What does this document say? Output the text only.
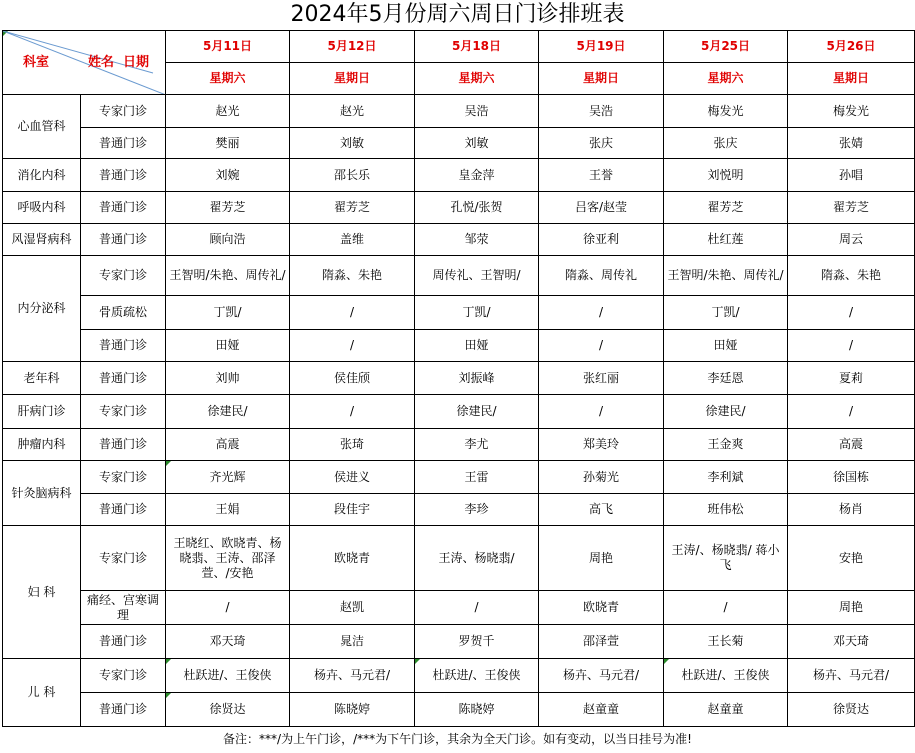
2024年5月份周六周日门诊排班表
科室 姓名 日期		5月11日	5月12日	5月18日	5月19日	5月25日	5月26日
		星期六	星期日	星期六	星期日	星期六	星期日
心血管科	专家门诊	赵光	赵光	吴浩	吴浩	梅发光	梅发光
	普通门诊	樊丽	刘敏	刘敏	张庆	张庆	张婧
消化内科	普通门诊	刘婉	邵长乐	皇金萍	王誉	刘悦明	孙唱
呼吸内科	普通门诊	翟芳芝	翟芳芝	孔悦/张贺	吕客/赵莹	翟芳芝	翟芳芝
风湿肾病科	普通门诊	顾向浩	盖维	邹荥	徐亚利	杜红莲	周云
内分泌科	专家门诊	王智明/朱艳、周传礼/	隋淼、朱艳	周传礼、王智明/	隋淼、周传礼	王智明/朱艳、周传礼/	隋淼、朱艳
	骨质疏松	丁凯/	/	丁凯/	/	丁凯/	/
	普通门诊	田娅	/	田娅	/	田娅	/
老年科	普通门诊	刘帅	侯佳颀	刘振峰	张红丽	李廷恩	夏莉
肝病门诊	专家门诊	徐建民/	/	徐建民/	/	徐建民/	/
肿瘤内科	普通门诊	高震	张琦	李尤	郑美玲	王金爽	高震
针灸脑病科	专家门诊	齐光辉	侯进义	王雷	孙菊光	李利斌	徐国栋
	普通门诊	王娟	段佳宇	李珍	高飞	班伟松	杨肖
妇 科	专家门诊	王晓红、欧晓青、杨晓翡、王涛、邵泽萱、/安艳	欧晓青	王涛、杨晓翡/	周艳	王涛/、杨晓翡/ 蒋小飞	安艳
	痛经、宫寒调理	/	赵凯	/	欧晓青	/	周艳
	普通门诊	邓天琦	晁洁	罗贺千	邵泽萱	王长菊	邓天琦
儿 科	专家门诊	杜跃进/、王俊侠	杨卉、马元君/	杜跃进/、王俊侠	杨卉、马元君/	杜跃进/、王俊侠	杨卉、马元君/
	普通门诊	徐贤达	陈晓婷	陈晓婷	赵童童	赵童童	徐贤达
备注：***/为上午门诊，/***为下午门诊，其余为全天门诊。如有变动，以当日挂号为准!
